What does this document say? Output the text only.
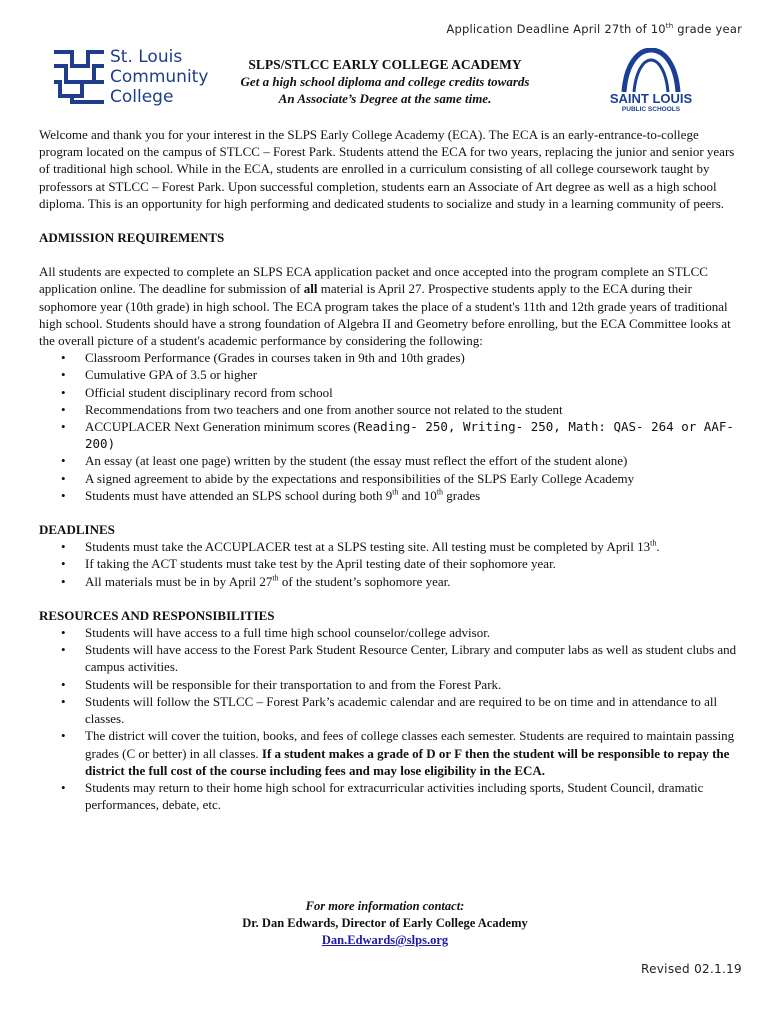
Application Deadline April 27th of 10th grade year
St. Louis
Community
College
SLPS/STLCC EARLY COLLEGE ACADEMY
Get a high school diploma and college credits towards
An Associate’s Degree at the same time.	SAINT LOUIS
PUBLIC SCHOOLS

Welcome and thank you for your interest in the SLPS Early College Academy (ECA). The ECA is an early-entrance-to-college program located on the campus of STLCC – Forest Park. Students attend the ECA for two years, replacing the junior and senior years of traditional high school. While in the ECA, students are enrolled in a curriculum consisting of all college coursework taught by professors at STLCC – Forest Park. Upon successful completion, students earn an Associate of Art degree as well as a high school diploma. This is an opportunity for high performing and dedicated students to socialize and study in a learning community of peers.

ADMISSION REQUIREMENTS

All students are expected to complete an SLPS ECA application packet and once accepted into the program complete an STLCC application online. The deadline for submission of all material is April 27. Prospective students apply to the ECA during their sophomore year (10th grade) in high school. The ECA program takes the place of a student's 11th and 12th grade years of traditional high school. Students should have a strong foundation of Algebra II and Geometry before enrolling, but the ECA Committee looks at the overall picture of a student's academic performance by considering the following:

• Classroom Performance (Grades in courses taken in 9th and 10th grades)
• Cumulative GPA of 3.5 or higher
• Official student disciplinary record from school
• Recommendations from two teachers and one from another source not related to the student
• ACCUPLACER Next Generation minimum scores (Reading- 250, Writing- 250, Math: QAS- 264 or AAF-200)
• An essay (at least one page) written by the student (the essay must reflect the effort of the student alone)
• A signed agreement to abide by the expectations and responsibilities of the SLPS Early College Academy
• Students must have attended an SLPS school during both 9th and 10th grades

DEADLINES

• Students must take the ACCUPLACER test at a SLPS testing site. All testing must be completed by April 13th.
• If taking the ACT students must take test by the April testing date of their sophomore year.
• All materials must be in by April 27th of the student’s sophomore year.

RESOURCES AND RESPONSIBILITIES

• Students will have access to a full time high school counselor/college advisor.
• Students will have access to the Forest Park Student Resource Center, Library and computer labs as well as student clubs and campus activities.
• Students will be responsible for their transportation to and from the Forest Park.
• Students will follow the STLCC – Forest Park’s academic calendar and are required to be on time and in attendance to all classes.
• The district will cover the tuition, books, and fees of college classes each semester. Students are required to maintain passing grades (C or better) in all classes. If a student makes a grade of D or F then the student will be responsible to repay the district the full cost of the course including fees and may lose eligibility in the ECA.
• Students may return to their home high school for extracurricular activities including sports, Student Council, dramatic performances, debate, etc.
For more information contact:
Dr. Dan Edwards, Director of Early College Academy
Dan.Edwards@slps.org
Revised 02.1.19
